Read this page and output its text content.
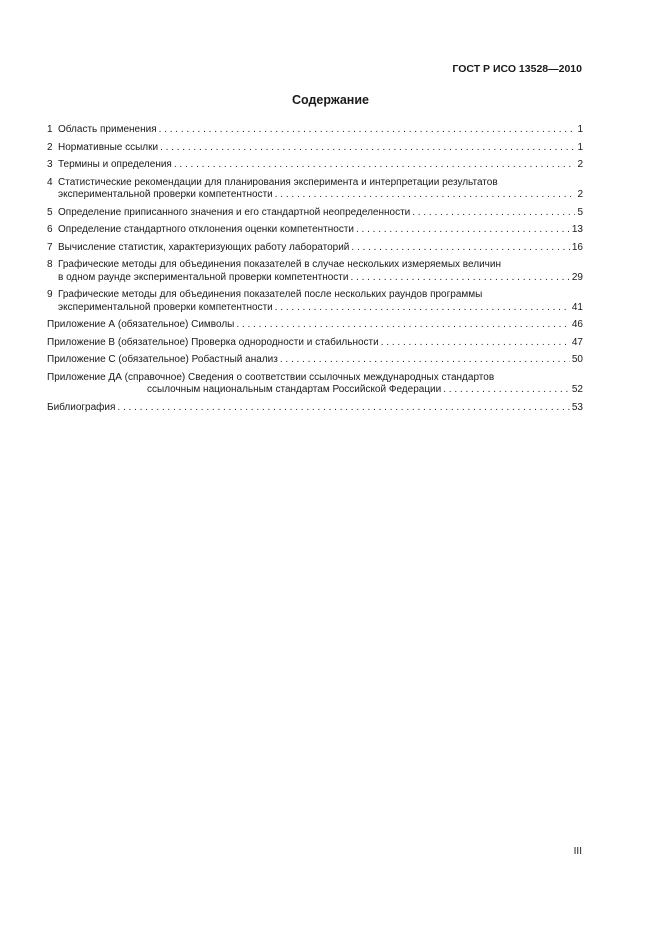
ГОСТ Р ИСО 13528—2010
Содержание
1 Область применения . . .	1
2 Нормативные ссылки . . .	1
3 Термины и определения . . .	2
4 Статистические рекомендации для планирования эксперимента и интерпретации результатов
экспериментальной проверки компетентности . . .	2
5 Определение приписанного значения и его стандартной неопределенности . . .	5
6 Определение стандартного отклонения оценки компетентности . . .	13
7 Вычисление статистик, характеризующих работу лабораторий . . .	16
8 Графические методы для объединения показателей в случае нескольких измеряемых величин
в одном раунде экспериментальной проверки компетентности . . .	29
9 Графические методы для объединения показателей после нескольких раундов программы
экспериментальной проверки компетентности . . .	41
Приложение А (обязательное) Символы . . .	46
Приложение В (обязательное) Проверка однородности и стабильности . . .	47
Приложение С (обязательное) Робастный анализ . . .	50
Приложение ДА (справочное) Сведения о соответствии ссылочных международных стандартов
ссылочным национальным стандартам Российской Федерации . . .	52
Библиография . . .	53
III
